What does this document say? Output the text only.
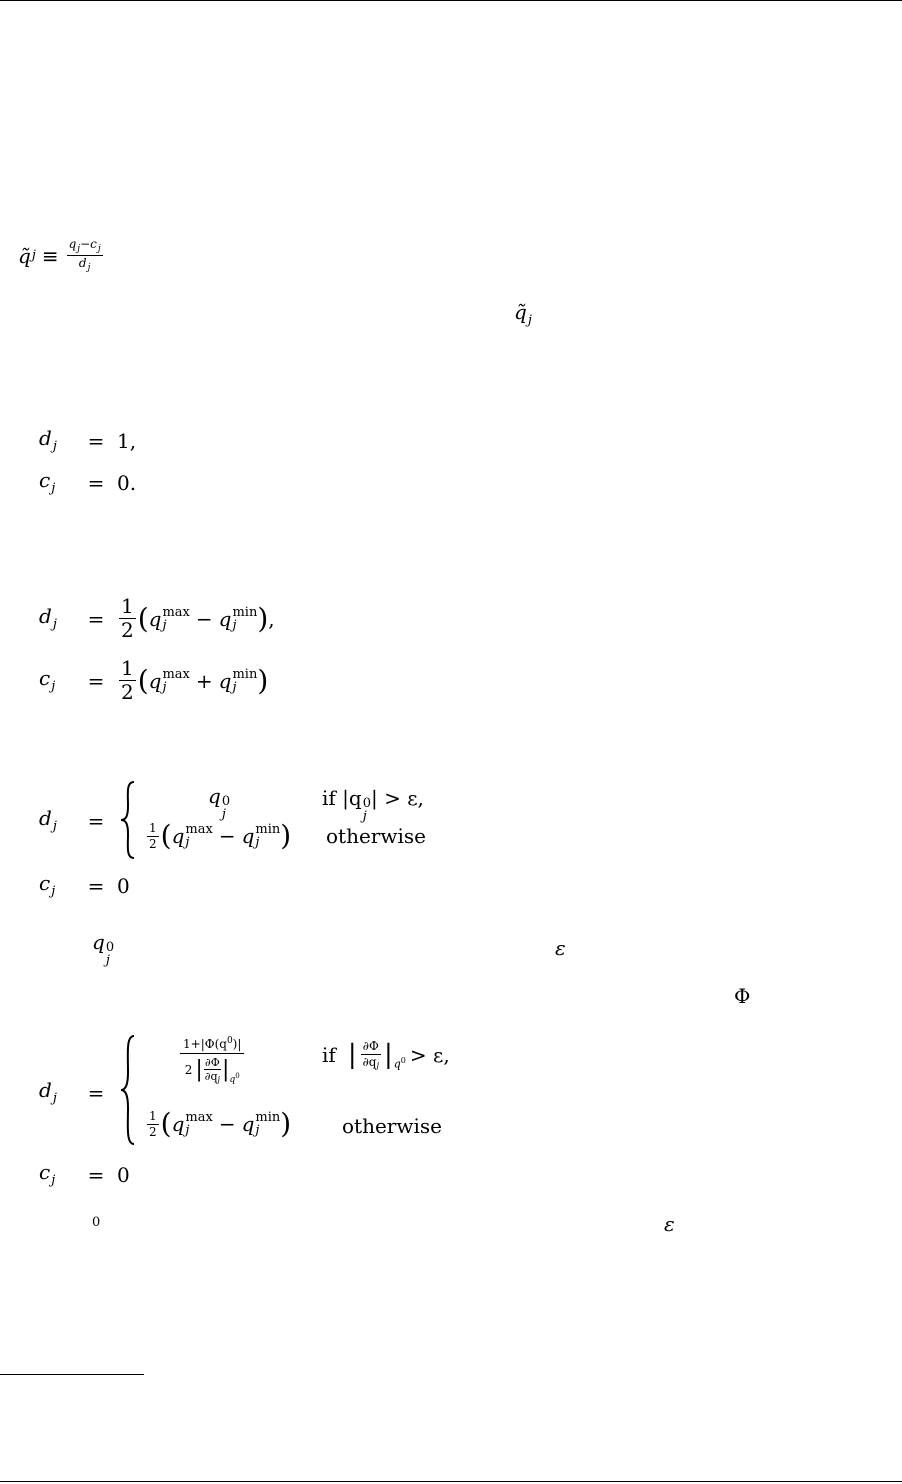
q̃ $j \equiv \frac{q_j-c_j}{d_j}$
$q̃_j$
$d_j$	= 1,
$c_j$	= 0.
$d_j$	= $\frac{1}{2}$ ( q max
j	− q min
j ) ,
$c_j$	= $\frac{1}{2}$ ( q max
j	+ q min
j )
$d_j$	=
q 0
j
if |q 0
j
| > ε,
$\frac{1}{2}$ ( q max
j	− q min
j ) otherwise
$c_j$	= 0
q 0
j
ε
Φ
$d_j$	=
$1+|\Phi(q^0)|$
2 | ∂Φ
∂qj | $q^0$
if | $\frac{\partial\Phi}{\partial qj}$ | $q^0 > \varepsilon$,
$\frac{1}{2}$ ( q max
j	− q min
j )	otherwise
$c_j$	= 0
0	ε
